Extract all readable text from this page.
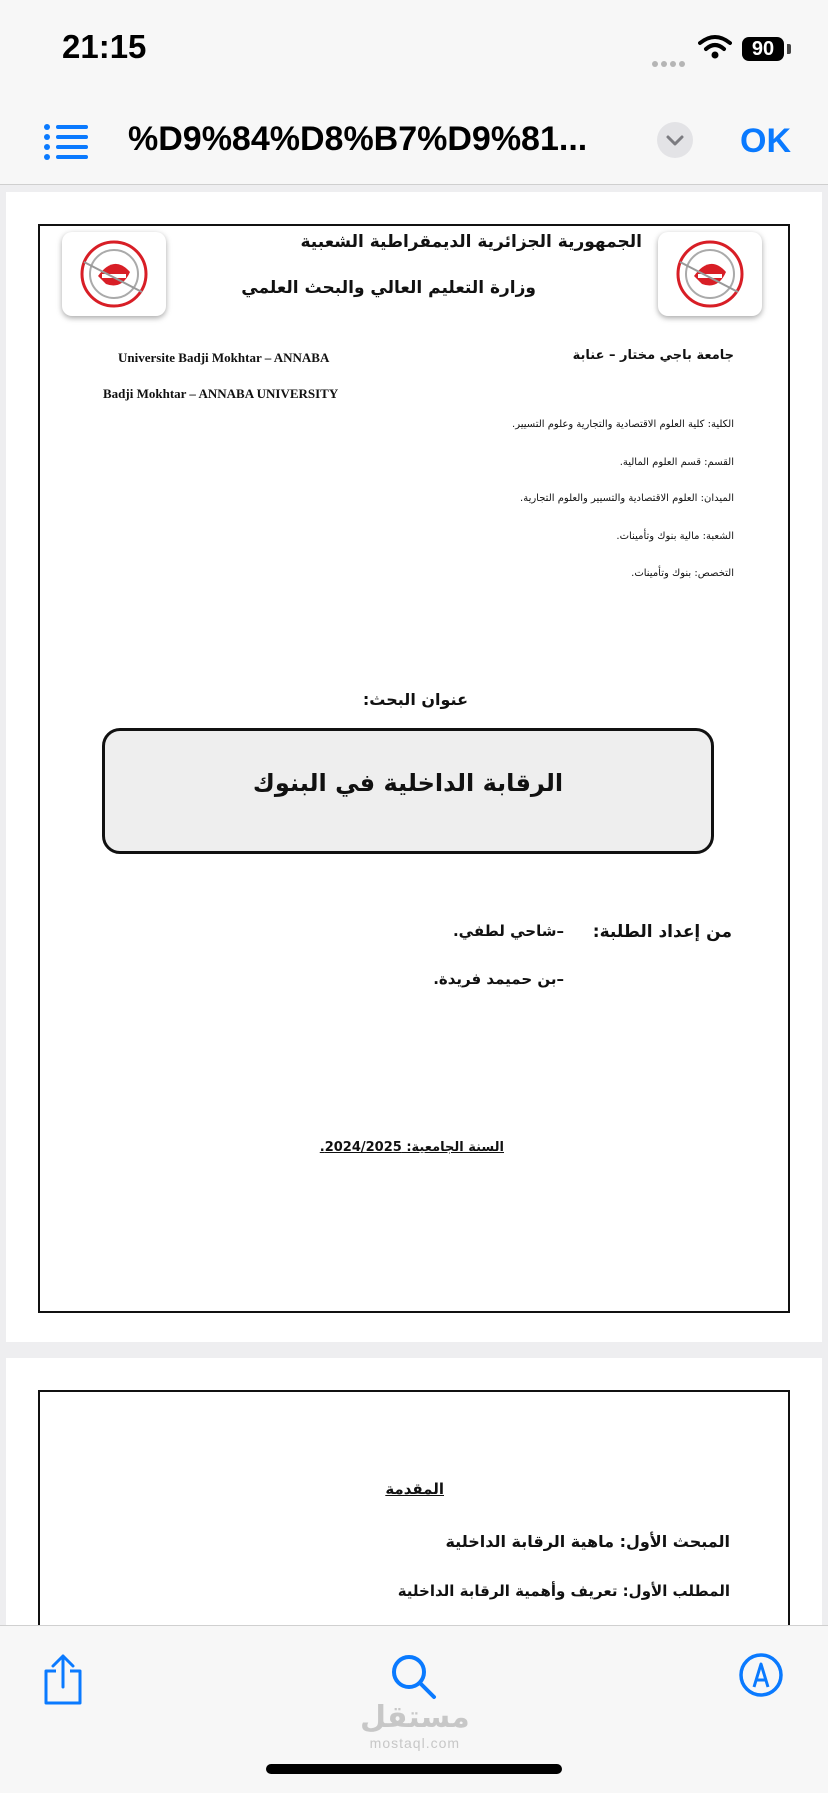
21:15	90
%D9%84%D8%B7%D9%81...	OK
الجمهورية الجزائرية الديمقراطية الشعبية
وزارة التعليم العالي والبحث العلمي
جامعة باجي مختار – عنابة
Universite Badji Mokhtar – ANNABA
Badji Mokhtar – ANNABA UNIVERSITY
الكلية: كلية العلوم الاقتصادية والتجارية وعلوم التسيير.
القسم: قسم العلوم المالية.
الميدان: العلوم الاقتصادية والتسيير والعلوم التجارية.
الشعبة: مالية بنوك وتأمينات.
التخصص: بنوك وتأمينات.
عنوان البحث:
الرقابة الداخلية في البنوك
من إعداد الطلبة:
–شاحي لطفي.
–بن حميمد فريدة.
السنة الجامعية: 2024/2025.
المقدمة
المبحث الأول: ماهية الرقابة الداخلية
المطلب الأول: تعريف وأهمية الرقابة الداخلية
مستقل
mostaql.com
